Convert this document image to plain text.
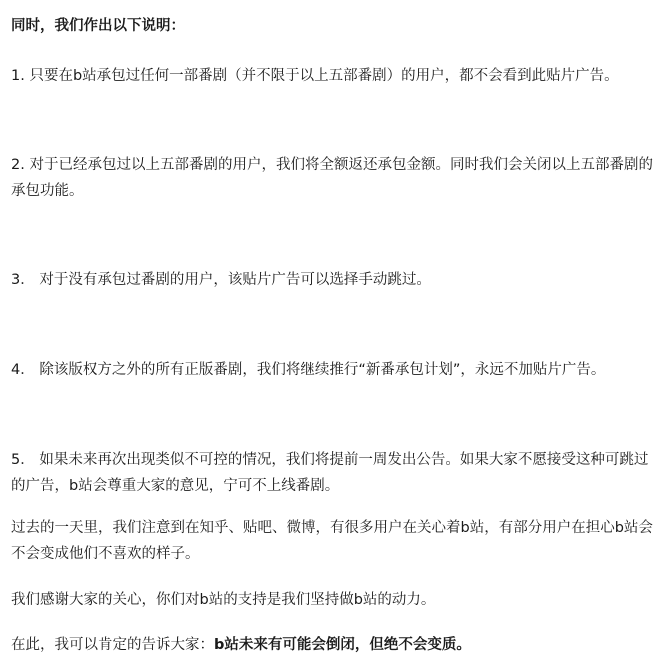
同时，我们作出以下说明：

1. 只要在b站承包过任何一部番剧（并不限于以上五部番剧）的用户，都不会看到此贴片广告。

2. 对于已经承包过以上五部番剧的用户，我们将全额返还承包金额。同时我们会关闭以上五部番剧的承包功能。

3． 对于没有承包过番剧的用户，该贴片广告可以选择手动跳过。

4． 除该版权方之外的所有正版番剧，我们将继续推行“新番承包计划”，永远不加贴片广告。

5． 如果未来再次出现类似不可控的情况，我们将提前一周发出公告。如果大家不愿接受这种可跳过的广告，b站会尊重大家的意见，宁可不上线番剧。

过去的一天里，我们注意到在知乎、贴吧、微博，有很多用户在关心着b站，有部分用户在担心b站会不会变成他们不喜欢的样子。

我们感谢大家的关心，你们对b站的支持是我们坚持做b站的动力。

在此，我可以肯定的告诉大家：b站未来有可能会倒闭，但绝不会变质。
